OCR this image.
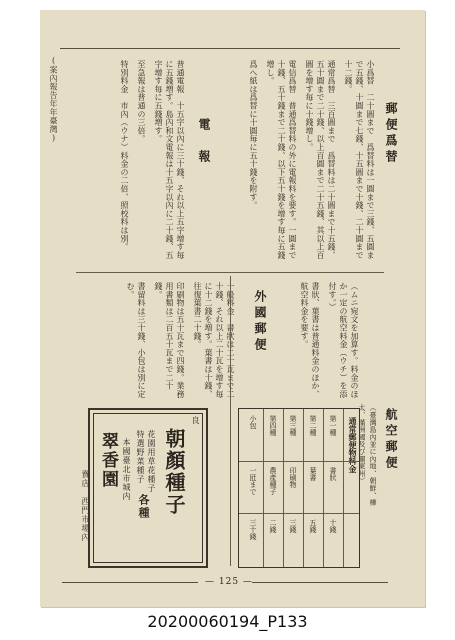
(案內報告年年臺灣)	郵便爲替

小爲替　二十圓まで　爲替料は一圓まで三錢、五圓まで五錢、十圓まで七錢、十五圓まで十錢、二十圓まで十二錢。

通常爲替　三百圓まで　爲替料は二十圓まで十五錢、五十圓まで二十錢、以上百圓まで二十五錢、其以上百圓を增す毎に十錢增し。

電信爲替　普通爲替料の外に電報料を要す。一圓まで十錢、五十錢まで二十錢、以下五十錢を增す毎に五錢增し。

爲へ紙は爲替に十圓毎に五十錢を附す。

電　報

普通電報　十五字以內に三十錢、それ以上五字增す毎に五錢増す。島內和文電報は十五字以內に二十錢、五字增す每に五錢増す。

至急報は普通の三倍。

特別料金　市內（ウナ）料金の二倍、照校料は別。

航空郵便
（臺灣島內並に內地、朝鮮、樺太、滿洲國及び關東州）

（ムニ宛文を加算す。料金のほか一定の航空料金（ウチ）を添付す。）

書狀、葉書は普通料金のほか、航空料金を要す。

外國郵便

一般料金　書狀は二十瓦まで二十錢、それ以上二十瓦を增す毎に十二錢を増す。葉書は十錢、往復葉書二十錢。

印刷物は五十瓦まで四錢。業務用書類は二百五十瓦まで二十錢。

書留料は三十錢、小包は別に定む。

良
朝顏種子
花園用草花種子
特選野菜種子
各種
本國臺北市城内
翠香園
賣店　西門市場內
通常郵便物料金
第一種
書狀
十錢
第二種
葉書
五錢
第三種
印刷物
三錢
第四種
農產種子
二錢
小包
一瓩まで
三十錢
— 125 —
20200060194_P133
